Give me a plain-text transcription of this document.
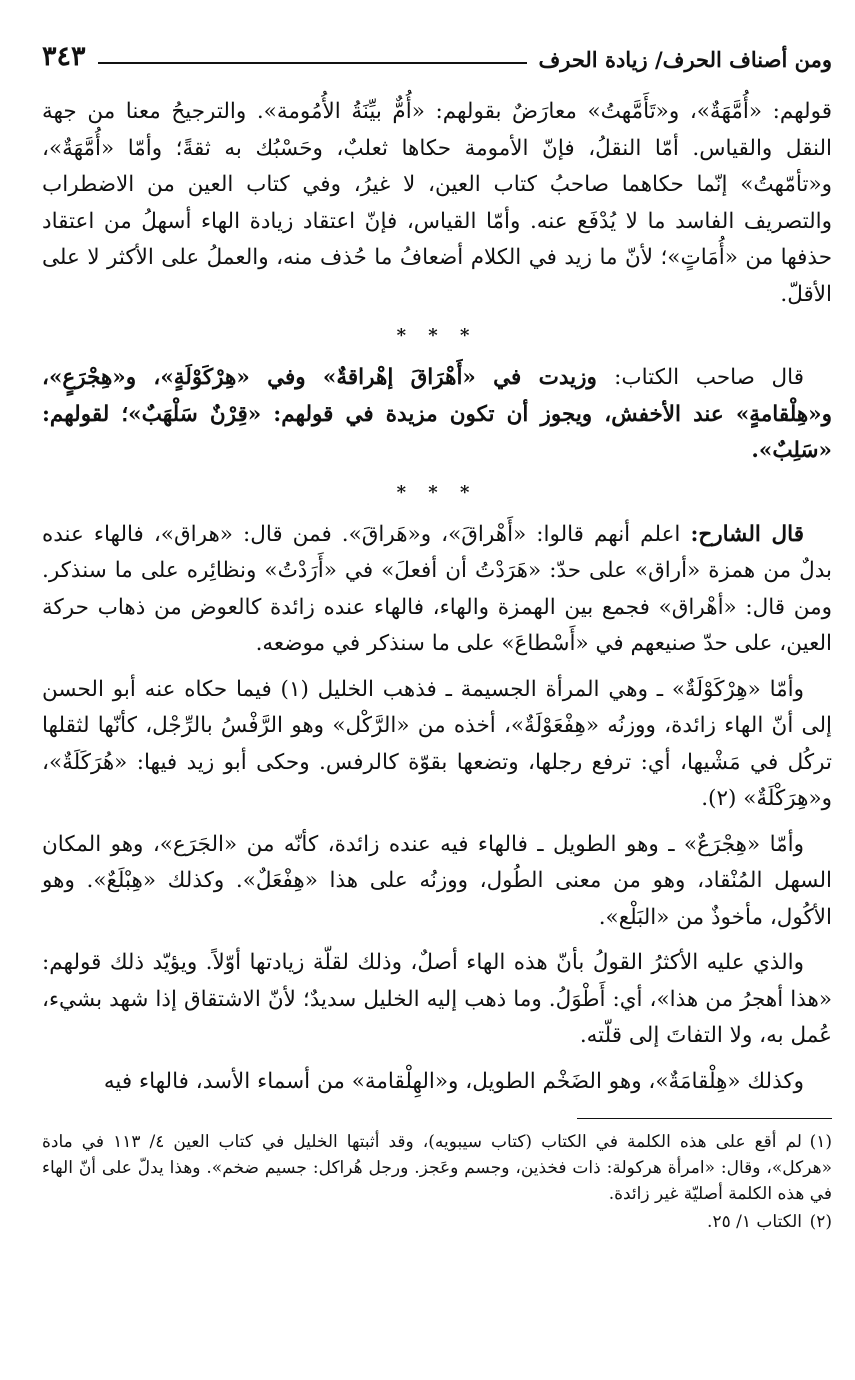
ومن أصناف الحرف/ زيادة الحرف
٣٤٣

قولهم: «أُمَّهَةٌ»، و«تَأَمَّهتُ» معارَضٌ بقولهم: «أُمٌّ بيِّنَةُ الأُمُومة». والترجيحُ معنا من جهة النقل والقياس. أمّا النقلُ، فإنّ الأمومة حكاها ثعلبٌ، وحَسْبُك به ثقةً؛ وأمّا «أُمَّهَةٌ»، و«تأمّهتُ» إنّما حكاهما صاحبُ كتاب العين، لا غيرُ، وفي كتاب العين من الاضطراب والتصريف الفاسد ما لا يُدْفَع عنه. وأمّا القياس، فإنّ اعتقاد زيادة الهاء أسهلُ من اعتقاد حذفها من «أُمَاتٍ»؛ لأنّ ما زيد في الكلام أضعافُ ما حُذف منه، والعملُ على الأكثر لا على الأقلّ.

* * *

قال صاحب الكتاب: وزيدت في «أَهْرَاقَ إهْراقةٌ» وفي «هِرْكَوْلَةٍ»، و«هِجْرَعٍ»، و«هِلْقامةٍ» عند الأخفش، ويجوز أن تكون مزيدة في قولهم: «قِرْنٌ سَلْهَبٌ»؛ لقولهم: «سَلِبٌ».

* * *

قال الشارح: اعلم أنهم قالوا: «أَهْراقَ»، و«هَراقَ». فمن قال: «هراق»، فالهاء عنده بدلٌ من همزة «أراق» على حدّ: «هَرَدْتُ أن أفعلَ» في «أَرَدْتُ» ونظائِره على ما سنذكر. ومن قال: «أهْراق» فجمع بين الهمزة والهاء، فالهاء عنده زائدة كالعوض من ذهاب حركة العين، على حدّ صنيعهم في «أَسْطاعَ» على ما سنذكر في موضعه.

وأمّا «هِرْكَوْلَةٌ» ـ وهي المرأة الجسيمة ـ فذهب الخليل (١) فيما حكاه عنه أبو الحسن إلى أنّ الهاء زائدة، ووزنُه «هِفْعَوْلَةٌ»، أخذه من «الرَّكْل» وهو الرَّفْسُ بالرِّجْل، كأنّها لثقلها تركُل في مَشْيها، أي: ترفع رجلها، وتضعها بقوّة كالرفس. وحكى أبو زيد فيها: «هُرَكَلَةٌ»، و«هِرَكْلَةٌ» (٢).

وأمّا «هِجْرَعٌ» ـ وهو الطويل ـ فالهاء فيه عنده زائدة، كأنّه من «الجَرَع»، وهو المكان السهل المُنْقاد، وهو من معنى الطُول، ووزنُه على هذا «هِفْعَلٌ». وكذلك «هِبْلَعٌ». وهو الأكُول، مأخوذٌ من «البَلْع».

والذي عليه الأكثرُ القولُ بأنّ هذه الهاء أصلٌ، وذلك لقلّة زيادتها أوّلاً. ويؤيّد ذلك قولهم: «هذا أهجرُ من هذا»، أي: أَطْوَلُ. وما ذهب إليه الخليل سديدٌ؛ لأنّ الاشتقاق إذا شهد بشيء، عُمل به، ولا التفاتَ إلى قلّته.

وكذلك «هِلْقامَةٌ»، وهو الضَخْم الطويل، و«الهِلْقامة» من أسماء الأسد، فالهاء فيه

(١)لم أقع على هذه الكلمة في الكتاب (كتاب سيبويه)، وقد أثبتها الخليل في كتاب العين ٤/ ١١٣ في مادة «هركل»، وقال: «امرأة هركولة: ذات فخذين، وجسم وعَجز. ورجل هُراكل: جسيم ضخم». وهذا يدلّ على أنّ الهاء في هذه الكلمة أصليّة غير زائدة.

(٢)الكتاب ١/ ٢٥.
